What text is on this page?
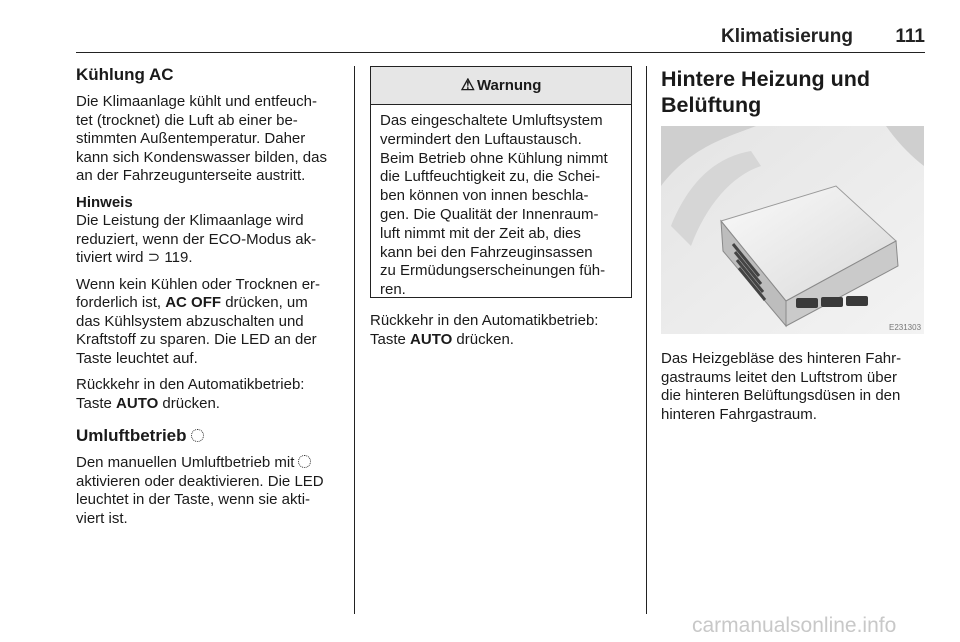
Klimatisierung 111
Kühlung AC

Die Klimaanlage kühlt und entfeuch-
tet (trocknet) die Luft ab einer be-
stimmten Außentemperatur. Daher
kann sich Kondenswasser bilden, das
an der Fahrzeugunterseite austritt.

Hinweis
Die Leistung der Klimaanlage wird
reduziert, wenn der ECO-Modus ak-
tiviert wird ⊃ 119.

Wenn kein Kühlen oder Trocknen er-
forderlich ist, AC OFF drücken, um
das Kühlsystem abzuschalten und
Kraftstoff zu sparen. Die LED an der
Taste leuchtet auf.

Rückkehr in den Automatikbetrieb:
Taste AUTO drücken.

Umluftbetrieb

Den manuellen Umluftbetrieb mit
aktivieren oder deaktivieren. Die LED
leuchtet in der Taste, wenn sie akti-
viert ist.

⚠ Warnung
Das eingeschaltete Umluftsystem
vermindert den Luftaustausch.
Beim Betrieb ohne Kühlung nimmt
die Luftfeuchtigkeit zu, die Schei-
ben können von innen beschla-
gen. Die Qualität der Innenraum-
luft nimmt mit der Zeit ab, dies
kann bei den Fahrzeuginsassen
zu Ermüdungserscheinungen füh-
ren.

Rückkehr in den Automatikbetrieb:
Taste AUTO drücken.

Hintere Heizung und
Belüftung
E231303

Das Heizgebläse des hinteren Fahr-
gastraums leitet den Luftstrom über
die hinteren Belüftungsdüsen in den
hinteren Fahrgastraum.

carmanualsonline.info
